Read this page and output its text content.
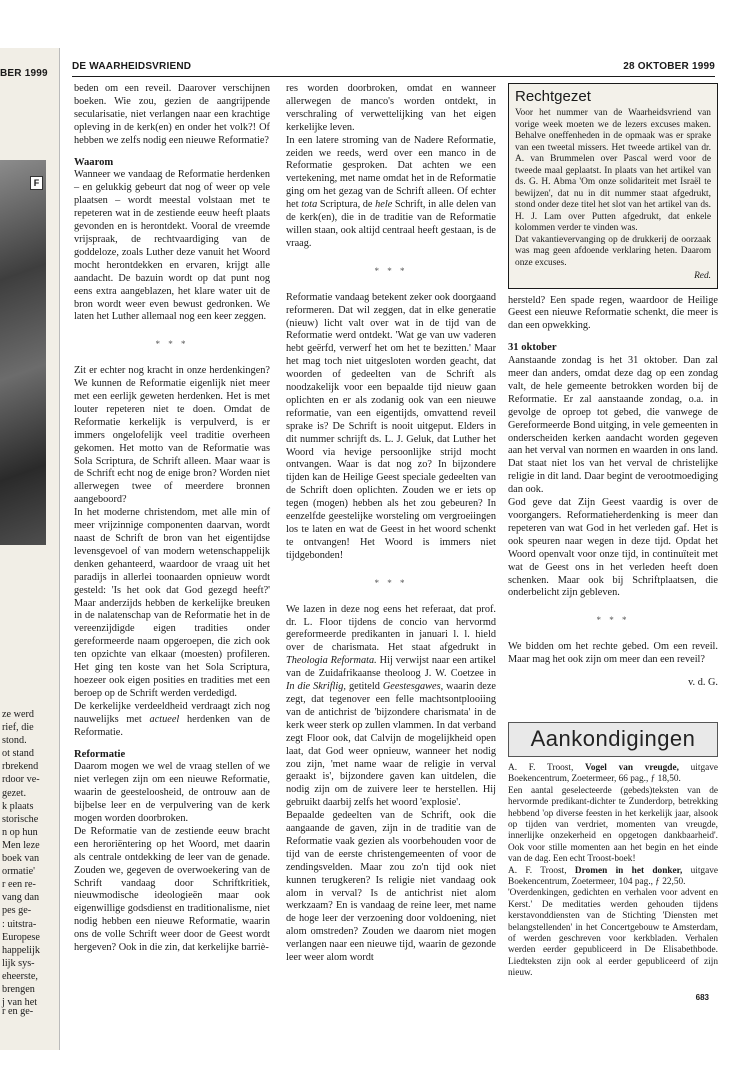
BER 1999
F
ze werd
rief, die
stond.
ot stand
rbrekend
rdoor ve-
gezet.
k plaats
storische
n op hun
Men leze
boek van
ormatie'
r een re-
vang dan
pes ge-
: uitstra-
Europese
happelijk
lijk sys-
eheerste,
brengen
j van het
r en ge-
DE WAARHEIDSVRIEND	28 OKTOBER 1999

beden om een reveil. Daarover verschijnen boeken. Wie zou, gezien de aangrijpende secularisatie, niet verlangen naar een krachtige opleving in de kerk(en) en onder het volk?! Of hebben we zelfs nodig een nieuwe Reformatie?

Waarom

Wanneer we vandaag de Reformatie herdenken – en gelukkig gebeurt dat nog of weer op vele plaatsen – wordt meestal volstaan met te repeteren wat in de zestiende eeuw heeft plaats gevonden en is herontdekt. Vooral de vreemde vrijspraak, de rechtvaardiging van de goddeloze, zoals Luther deze vanuit het Woord mocht herontdekken en ervaren, krijgt alle aandacht. De bazuin wordt op dat punt nog eens extra aangeblazen, het klare water uit de bron wordt weer even bewust gedronken. We laten het Luther allemaal nog een keer zeggen.

* * *

Zit er echter nog kracht in onze herdenkingen? We kunnen de Reformatie eigenlijk niet meer met een eerlijk geweten herdenken. Het is met louter repeteren niet te doen. Omdat de Reformatie kerkelijk is verpulverd, is er immers ongelofelijk veel traditie overheen gekomen. Het motto van de Reformatie was Sola Scriptura, de Schrift alleen. Maar waar is de Schrift echt nog de enige bron? Worden niet allerwegen twee of meerdere bronnen aangeboord?

In het moderne christendom, met alle min of meer vrijzinnige componenten daarvan, wordt naast de Schrift de bron van het eigentijdse levensgevoel of van modern wetenschappelijk denken gehanteerd, waardoor de vraag uit het paradijs in allerlei toonaarden opnieuw wordt gesteld: 'Is het ook dat God gezegd heeft?' Maar anderzijds hebben de kerkelijke breuken in de nalatenschap van de Reformatie het in de vereenzijdigde eigen tradities onder gereformeerde naam opgeroepen, die zich ook ten opzichte van elkaar (moesten) profileren. Het ging ten koste van het Sola Scriptura, hoezeer ook eigen posities en tradities met een beroep op de Schrift werden verdedigd.

De kerkelijke verdeeldheid verdraagt zich nog nauwelijks met actueel herdenken van de Reformatie.

Reformatie

Daarom mogen we wel de vraag stellen of we niet verlegen zijn om een nieuwe Reformatie, waarin de geesteloosheid, de ontrouw aan de bijbelse leer en de verpulvering van de kerk mogen worden doorbroken.

De Reformatie van de zestiende eeuw bracht een heroriëntering op het Woord, met daarin als centrale ontdekking de leer van de genade. Zouden we, gegeven de overwoekering van de Schrift vandaag door Schriftkritiek, nieuwmodische ideologieën maar ook eigenwillige godsdienst en traditionalisme, niet nodig hebben een nieuwe Reformatie, waarin ons de volle Schrift weer door de Geest wordt hergeven? Ook in die zin, dat kerkelijke barriè-

res worden doorbroken, omdat en wanneer allerwegen de manco's worden ontdekt, in verschraling of verwettelijking van het eigen kerkelijke leven.

In een latere stroming van de Nadere Reformatie, zeiden we reeds, werd over een manco in de Reformatie gesproken. Dat achten we een vertekening, met name omdat het in de Reformatie ging om het gezag van de Schrift alleen. Of echter het tota Scriptura, de hele Schrift, in alle delen van de kerk(en), die in de traditie van de Reformatie willen staan, ook altijd centraal heeft gestaan, is de vraag.

* * *

Reformatie vandaag betekent zeker ook doorgaand reformeren. Dat wil zeggen, dat in elke generatie (nieuw) licht valt over wat in de tijd van de Reformatie werd ontdekt. 'Wat ge van uw vaderen hebt geërfd, verwerf het om het te bezitten.' Maar het mag toch niet uitgesloten worden geacht, dat woorden of gedeelten van de Schrift als noodzakelijk voor een bepaalde tijd nieuw gaan oplichten en er als zodanig ook van een nieuwe reformatie, van een eigentijds, omvattend reveil sprake is? De Schrift is nooit uitgeput. Elders in dit nummer schrijft ds. L. J. Geluk, dat Luther het Woord via hevige persoonlijke strijd mocht ontvangen. Waar is dat nog zo? In bijzondere tijden kan de Heilige Geest speciale gedeelten van de Schrift doen oplichten. Zouden we er iets op tegen (mogen) hebben als het zou gebeuren? In eenzelfde geestelijke worsteling om vergroeiingen los te laten en wat de Geest in het woord schenkt te ontvangen! Het Woord is immers niet tijdgebonden!

* * *

We lazen in deze nog eens het referaat, dat prof. dr. L. Floor tijdens de concio van hervormd gereformeerde predikanten in januari l. l. hield over de charismata. Het staat afgedrukt in Theologia Reformata. Hij verwijst naar een artikel van de Zuidafrikaanse theoloog J. W. Coetzee in In die Skriflig, getiteld Geestesgawes, waarin deze zegt, dat tegenover een felle machtsontplooiing van de antichrist de 'bijzondere charismata' in de kerk weer sterk op zullen vlammen. In dat verband zegt Floor ook, dat Calvijn de mogelijkheid open laat, dat God weer opnieuw, wanneer het nodig zou zijn, 'met name waar de religie in verval geraakt is', bijzondere gaven kan uitdelen, die nodig zijn om de zuivere leer te herstellen. Hij gebruikt daarbij zelfs het woord 'explosie'.

Bepaalde gedeelten van de Schrift, ook die aangaande de gaven, zijn in de traditie van de Reformatie vaak gezien als voorbehouden voor de tijd van de eerste christengemeenten of voor de zendingsvelden. Maar zou zo'n tijd ook niet kunnen terugkeren? Is religie niet vandaag ook alom in verval? Is de antichrist niet alom werkzaam? En is vandaag de reine leer, met name de hoge leer der verzoening door voldoening, niet alom omstreden? Zouden we daarom niet mogen verlangen naar een nieuwe tijd, waarin de gezonde leer weer alom wordt

Rechtgezet

Voor het nummer van de Waarheidsvriend van vorige week moeten we de lezers excuses maken. Behalve oneffenheden in de opmaak was er sprake van een tweetal missers. Het tweede artikel van dr. A. van Brummelen over Pascal werd voor de tweede maal geplaatst. In plaats van het artikel van ds. G. H. Abma 'Om onze solidariteit met Israël te bewijzen', dat nu in dit nummer staat afgedrukt, stond onder deze titel het slot van het artikel van ds. H. J. Lam over Putten afgedrukt, dat enkele kolommen verder te vinden was.

Dat vakantievervanging op de drukkerij de oorzaak was mag geen afdoende verklaring heten. Daarom onze excuses.

Red.

hersteld? Een spade regen, waardoor de Heilige Geest een nieuwe Reformatie schenkt, die meer is dan een opwekking.

31 oktober

Aanstaande zondag is het 31 oktober. Dan zal meer dan anders, omdat deze dag op een zondag valt, de hele gemeente betrokken worden bij de Reformatie. Er zal aanstaande zondag, o.a. in gevolge de oproep tot gebed, die vanwege de Gereformeerde Bond uitging, in vele gemeenten in onderscheiden kerken aandacht worden gegeven aan het verval van normen en waarden in ons land. Dat staat niet los van het verval de christelijke religie in dit land. Daar begint de verootmoediging dan ook.

God geve dat Zijn Geest vaardig is over de voorgangers. Reformatieherdenking is meer dan repeteren van wat God in het verleden gaf. Het is ook speuren naar wegen in deze tijd. Opdat het Woord openvalt voor onze tijd, in continuïteit met wat de Geest ons in het verleden heeft doen schenken. Maar ook bij Schriftplaatsen, die onderbelicht zijn gebleven.

* * *

We bidden om het rechte gebed. Om een reveil. Maar mag het ook zijn om meer dan een reveil?

v. d. G.
Aankondigingen

A. F. Troost, Vogel van vreugde, uitgave Boekencentrum, Zoetermeer, 66 pag., ƒ 18,50.

Een aantal geselecteerde (gebeds)teksten van de hervormde predikant-dichter te Zunderdorp, betrekking hebbend 'op diverse feesten in het kerkelijk jaar, alsook op tijden van verdriet, momenten van vreugde, innerlijke onzekerheid en opgetogen dankbaarheid'. Ook voor stille momenten aan het begin en het einde van de dag. Een echt Troost-boek!

A. F. Troost, Dromen in het donker, uitgave Boekencentrum, Zoetermeer, 104 pag., ƒ 22,50.

'Overdenkingen, gedichten en verhalen voor advent en Kerst.' De meditaties werden gehouden tijdens kerstavonddiensten van de Stichting 'Diensten met belangstellenden' in het Concertgebouw te Amsterdam, of werden geschreven voor kerkbladen. Verhalen werden eerder gepubliceerd in De Elisabethbode. Liedteksten zijn ook al eerder gepubliceerd of zijn nieuw.

683
